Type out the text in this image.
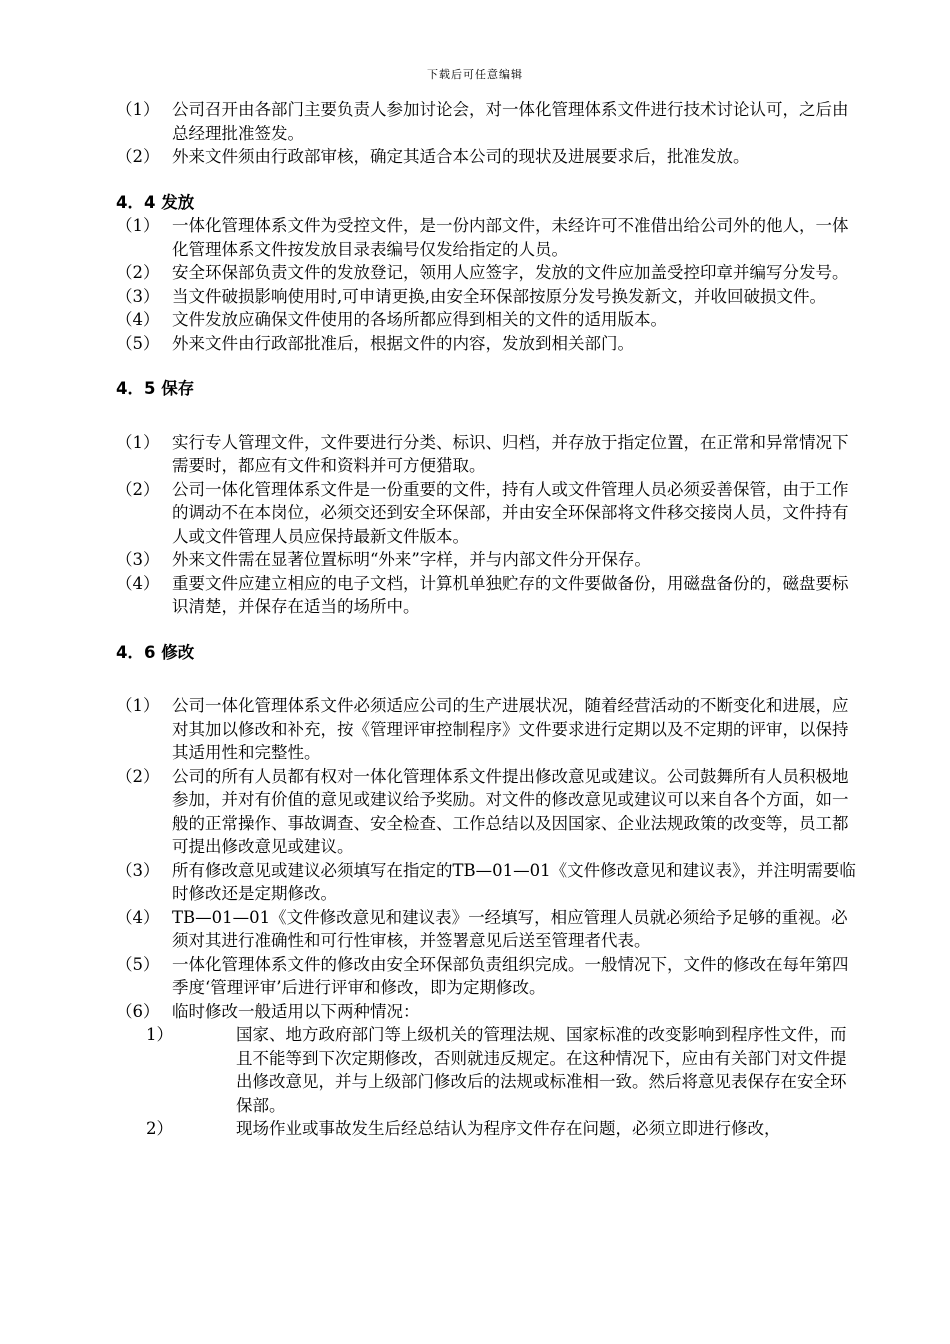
下载后可任意编辑
（1） 公司召开由各部门主要负责人参加讨论会，对一体化管理体系文件进行技术讨论认可，之后由总经理批准签发。
（2） 外来文件须由行政部审核，确定其适合本公司的现状及进展要求后，批准发放。
4．4 发放
（1） 一体化管理体系文件为受控文件，是一份内部文件，未经许可不准借出给公司外的他人，一体化管理体系文件按发放目录表编号仅发给指定的人员。
（2） 安全环保部负责文件的发放登记，领用人应签字，发放的文件应加盖受控印章并编写分发号。
（3） 当文件破损影响使用时,可申请更换,由安全环保部按原分发号换发新文，并收回破损文件。
（4） 文件发放应确保文件使用的各场所都应得到相关的文件的适用版本。
（5） 外来文件由行政部批准后，根据文件的内容，发放到相关部门。
4．5 保存
（1） 实行专人管理文件，文件要进行分类、标识、归档，并存放于指定位置，在正常和异常情况下需要时，都应有文件和资料并可方便猎取。
（2） 公司一体化管理体系文件是一份重要的文件，持有人或文件管理人员必须妥善保管，由于工作的调动不在本岗位，必须交还到安全环保部，并由安全环保部将文件移交接岗人员，文件持有人或文件管理人员应保持最新文件版本。
（3） 外来文件需在显著位置标明“外来”字样，并与内部文件分开保存。
（4） 重要文件应建立相应的电子文档，计算机单独贮存的文件要做备份，用磁盘备份的，磁盘要标识清楚，并保存在适当的场所中。
4．6 修改
（1） 公司一体化管理体系文件必须适应公司的生产进展状况，随着经营活动的不断变化和进展，应对其加以修改和补充，按《管理评审控制程序》文件要求进行定期以及不定期的评审，以保持其适用性和完整性。
（2） 公司的所有人员都有权对一体化管理体系文件提出修改意见或建议。公司鼓舞所有人员积极地参加，并对有价值的意见或建议给予奖励。对文件的修改意见或建议可以来自各个方面，如一般的正常操作、事故调查、安全检查、工作总结以及因国家、企业法规政策的改变等，员工都可提出修改意见或建议。
（3） 所有修改意见或建议必须填写在指定的TB—01—01《文件修改意见和建议表》，并注明需要临时修改还是定期修改。
（4） TB—01—01《文件修改意见和建议表》一经填写，相应管理人员就必须给予足够的重视。必须对其进行准确性和可行性审核，并签署意见后送至管理者代表。
（5） 一体化管理体系文件的修改由安全环保部负责组织完成。一般情况下，文件的修改在每年第四季度‘管理评审’后进行评审和修改，即为定期修改。
（6） 临时修改一般适用以下两种情况：
1）	国家、地方政府部门等上级机关的管理法规、国家标准的改变影响到程序性文件，而且不能等到下次定期修改，否则就违反规定。在这种情况下，应由有关部门对文件提出修改意见，并与上级部门修改后的法规或标准相一致。然后将意见表保存在安全环保部。
2）	现场作业或事故发生后经总结认为程序文件存在问题，必须立即进行修改，
